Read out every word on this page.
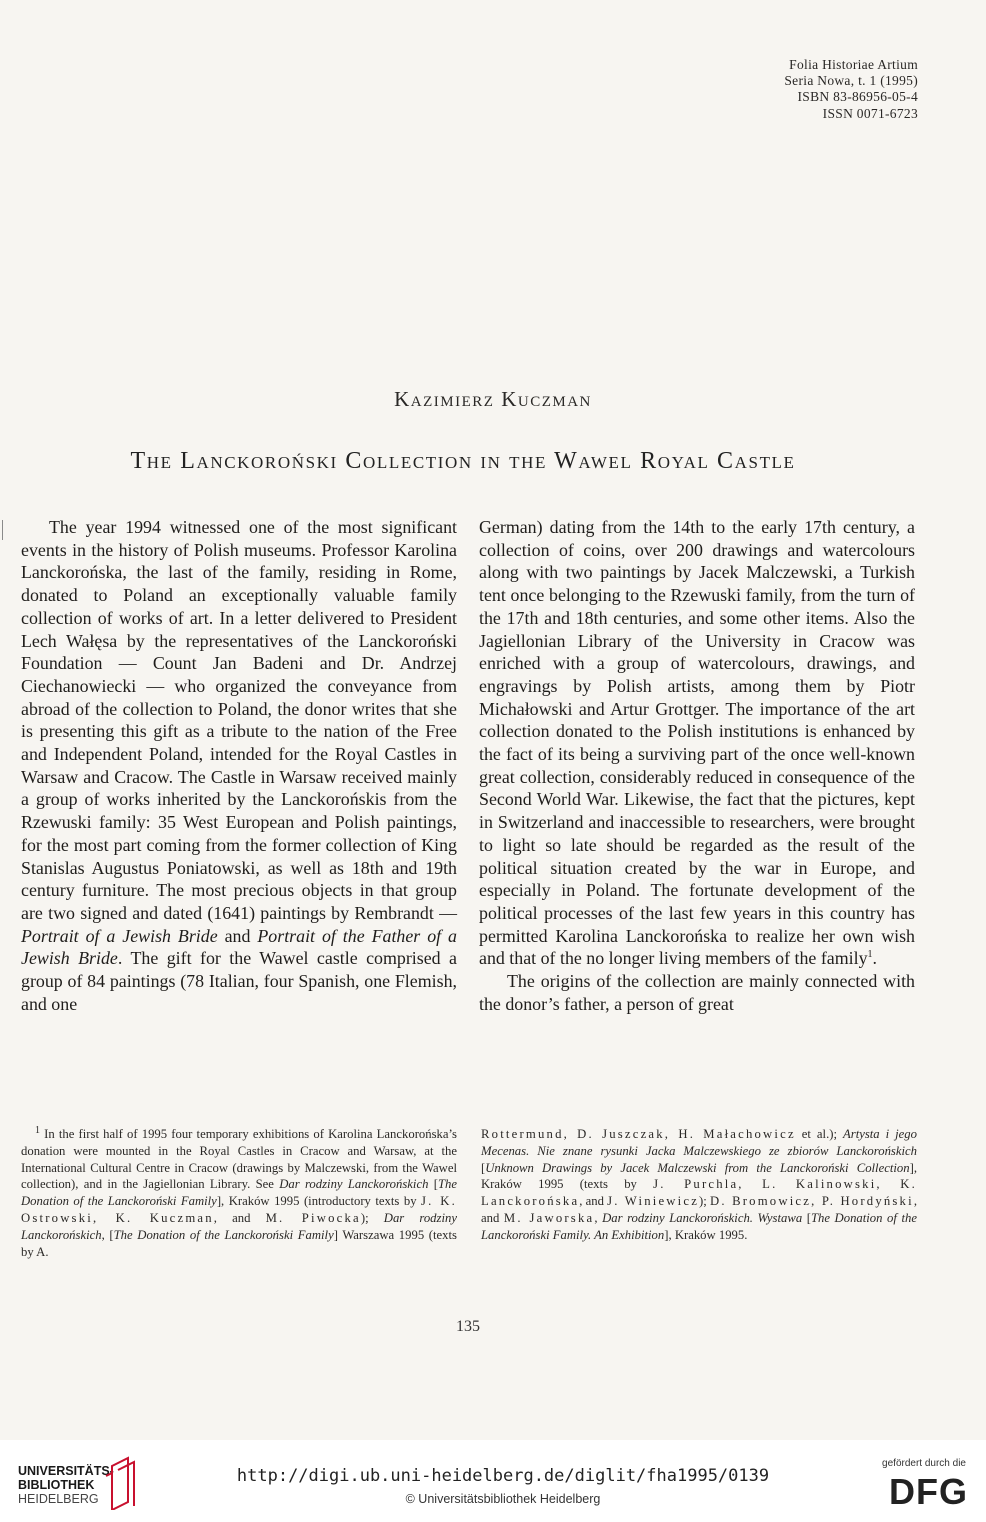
Folia Historiae Artium
Seria Nowa, t. 1 (1995)
ISBN 83-86956-05-4
ISSN 0071-6723
Kazimierz Kuczman
The Lanckoroński Collection in the Wawel Royal Castle

The year 1994 witnessed one of the most significant events in the history of Polish museums. Professor Karolina Lanckorońska, the last of the family, residing in Rome, donated to Poland an exceptionally valuable family collection of works of art. In a letter delivered to President Lech Wałęsa by the representatives of the Lanckoroński Foundation — Count Jan Badeni and Dr. Andrzej Ciechanowiecki — who organized the conveyance from abroad of the collection to Poland, the donor writes that she is presenting this gift as a tribute to the nation of the Free and Independent Poland, intended for the Royal Castles in Warsaw and Cracow. The Castle in Warsaw received mainly a group of works inherited by the Lanckorońskis from the Rzewuski family: 35 West European and Polish paintings, for the most part coming from the former collection of King Stanislas Augustus Poniatowski, as well as 18th and 19th century furniture. The most precious objects in that group are two signed and dated (1641) paintings by Rembrandt — Portrait of a Jewish Bride and Portrait of the Father of a Jewish Bride. The gift for the Wawel castle comprised a group of 84 paintings (78 Italian, four Spanish, one Flemish, and one

German) dating from the 14th to the early 17th century, a collection of coins, over 200 drawings and watercolours along with two paintings by Jacek Malczewski, a Turkish tent once belonging to the Rzewuski family, from the turn of the 17th and 18th centuries, and some other items. Also the Jagiellonian Library of the University in Cracow was enriched with a group of watercolours, drawings, and engravings by Polish artists, among them by Piotr Michałowski and Artur Grottger. The importance of the art collection donated to the Polish institutions is enhanced by the fact of its being a surviving part of the once well-known great collection, considerably reduced in consequence of the Second World War. Likewise, the fact that the pictures, kept in Switzerland and inaccessible to researchers, were brought to light so late should be regarded as the result of the political situation created by the war in Europe, and especially in Poland. The fortunate development of the political processes of the last few years in this country has permitted Karolina Lanckorońska to realize her own wish and that of the no longer living members of the family$^1$.

The origins of the collection are mainly connected with the donor’s father, a person of great

$^1$ In the first half of 1995 four temporary exhibitions of Karolina Lanckorońska’s donation were mounted in the Royal Castles in Cracow and Warsaw, at the International Cultural Centre in Cracow (drawings by Malczewski, from the Wawel collection), and in the Jagiellonian Library. See Dar rodziny Lanckorońskich [The Donation of the Lanckoroński Family], Kraków 1995 (introductory texts by J. K. Ostrowski, K. Kuczman, and M. Piwocka); Dar rodziny Lanckorońskich, [The Donation of the Lanckoroński Family] Warszawa 1995 (texts by A.

Rottermund, D. Juszczak, H. Małachowicz et al.); Artysta i jego Mecenas. Nie znane rysunki Jacka Malczewskiego ze zbiorów Lanckorońskich [Unknown Drawings by Jacek Malczewski from the Lanckoroński Collection], Kraków 1995 (texts by J. Purchla, L. Kalinowski, K. Lanckorońska, and J. Winiewicz); D. Bromowicz, P. Hordyński, and M. Jaworska, Dar rodziny Lanckorońskich. Wystawa [The Donation of the Lanckoroński Family. An Exhibition], Kraków 1995.

135
UNIVERSITÄTS-
BIBLIOTHEK
HEIDELBERG
http://digi.ub.uni-heidelberg.de/diglit/fha1995/0139
© Universitätsbibliothek Heidelberg
gefördert durch die
DFG
